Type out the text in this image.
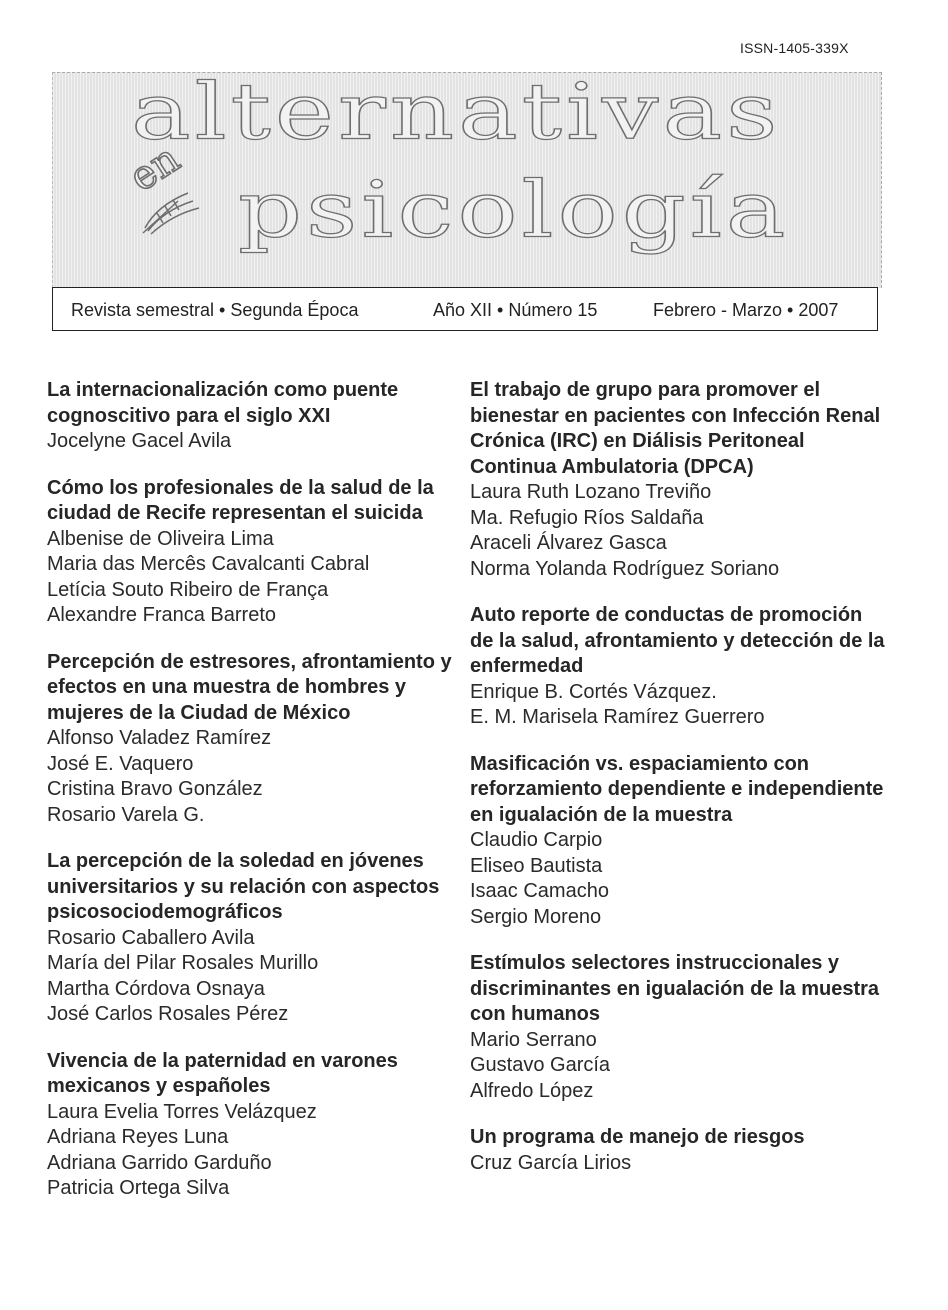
ISSN-1405-339X
alternativas
en psicología
Revista semestral • Segunda Época	Año XII • Número 15	Febrero - Marzo • 2007
La internacionalización como puente cognoscitivo para el siglo XXI
Jocelyne Gacel Avila
Cómo los profesionales de la salud de la ciudad de Recife representan el suicida
Albenise de Oliveira Lima
Maria das Mercês Cavalcanti Cabral
Letícia Souto Ribeiro de França
Alexandre Franca Barreto
Percepción de estresores, afrontamiento y efectos en una muestra de hombres y mujeres de la Ciudad de México
Alfonso Valadez Ramírez
José E. Vaquero
Cristina Bravo González
Rosario Varela G.
La percepción de la soledad en jóvenes universitarios y su relación con aspectos psicosociodemográficos
Rosario Caballero Avila
María del Pilar Rosales Murillo
Martha Córdova Osnaya
José Carlos Rosales Pérez
Vivencia de la paternidad en varones mexicanos y españoles
Laura Evelia Torres Velázquez
Adriana Reyes Luna
Adriana Garrido Garduño
Patricia Ortega Silva
El trabajo de grupo para promover el bienestar en pacientes con Infección Renal Crónica (IRC) en Diálisis Peritoneal Continua Ambulatoria (DPCA)
Laura Ruth Lozano Treviño
Ma. Refugio Ríos Saldaña
Araceli Álvarez Gasca
Norma Yolanda Rodríguez Soriano
Auto reporte de conductas de promoción de la salud, afrontamiento y detección de la enfermedad
Enrique B. Cortés Vázquez.
E. M. Marisela Ramírez Guerrero
Masificación vs. espaciamiento con reforzamiento dependiente e independiente en igualación de la muestra
Claudio Carpio
Eliseo Bautista
Isaac Camacho
Sergio Moreno
Estímulos selectores instruccionales y discriminantes en igualación de la muestra con humanos
Mario Serrano
Gustavo García
Alfredo López
Un programa de manejo de riesgos
Cruz García Lirios
